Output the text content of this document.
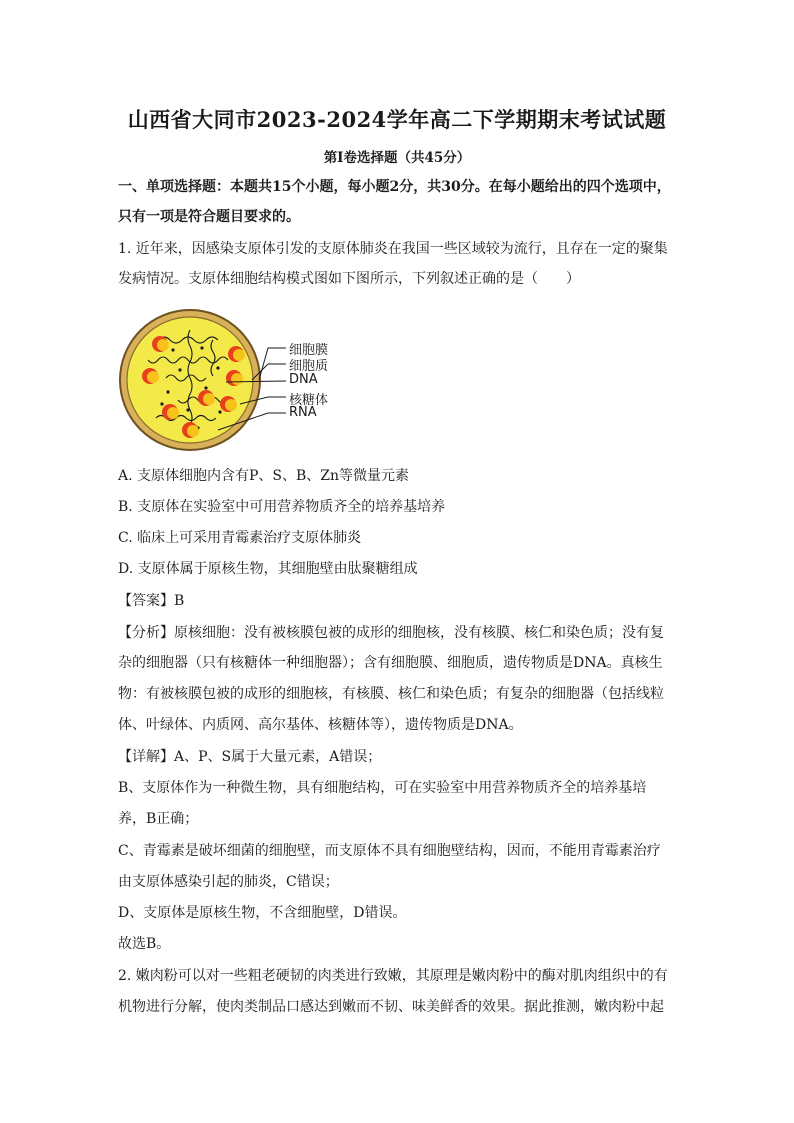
山西省大同市2023-2024学年高二下学期期末考试试题
第Ⅰ卷选择题（共45分）
一、单项选择题：本题共15个小题，每小题2分，共30分。在每小题给出的四个选项中，
只有一项是符合题目要求的。
1. 近年来，因感染支原体引发的支原体肺炎在我国一些区域较为流行，且存在一定的聚集
发病情况。支原体细胞结构模式图如下图所示，下列叙述正确的是（　　）
细胞膜
细胞质
DNA
核糖体
RNA
A. 支原体细胞内含有P、S、B、Zn等微量元素
B. 支原体在实验室中可用营养物质齐全的培养基培养
C. 临床上可采用青霉素治疗支原体肺炎
D. 支原体属于原核生物，其细胞壁由肽聚糖组成
【答案】B
【分析】原核细胞：没有被核膜包被的成形的细胞核，没有核膜、核仁和染色质；没有复
杂的细胞器（只有核糖体一种细胞器）；含有细胞膜、细胞质，遗传物质是DNA。真核生
物：有被核膜包被的成形的细胞核，有核膜、核仁和染色质；有复杂的细胞器（包括线粒
体、叶绿体、内质网、高尔基体、核糖体等），遗传物质是DNA。
【详解】A、P、S属于大量元素，A错误；
B、支原体作为一种微生物，具有细胞结构，可在实验室中用营养物质齐全的培养基培
养，B正确；
C、青霉素是破坏细菌的细胞壁，而支原体不具有细胞壁结构，因而，不能用青霉素治疗
由支原体感染引起的肺炎，C错误；
D、支原体是原核生物，不含细胞壁，D错误。
故选B。
2. 嫩肉粉可以对一些粗老硬韧的肉类进行致嫩，其原理是嫩肉粉中的酶对肌肉组织中的有
机物进行分解，使肉类制品口感达到嫩而不韧、味美鲜香的效果。据此推测，嫩肉粉中起
